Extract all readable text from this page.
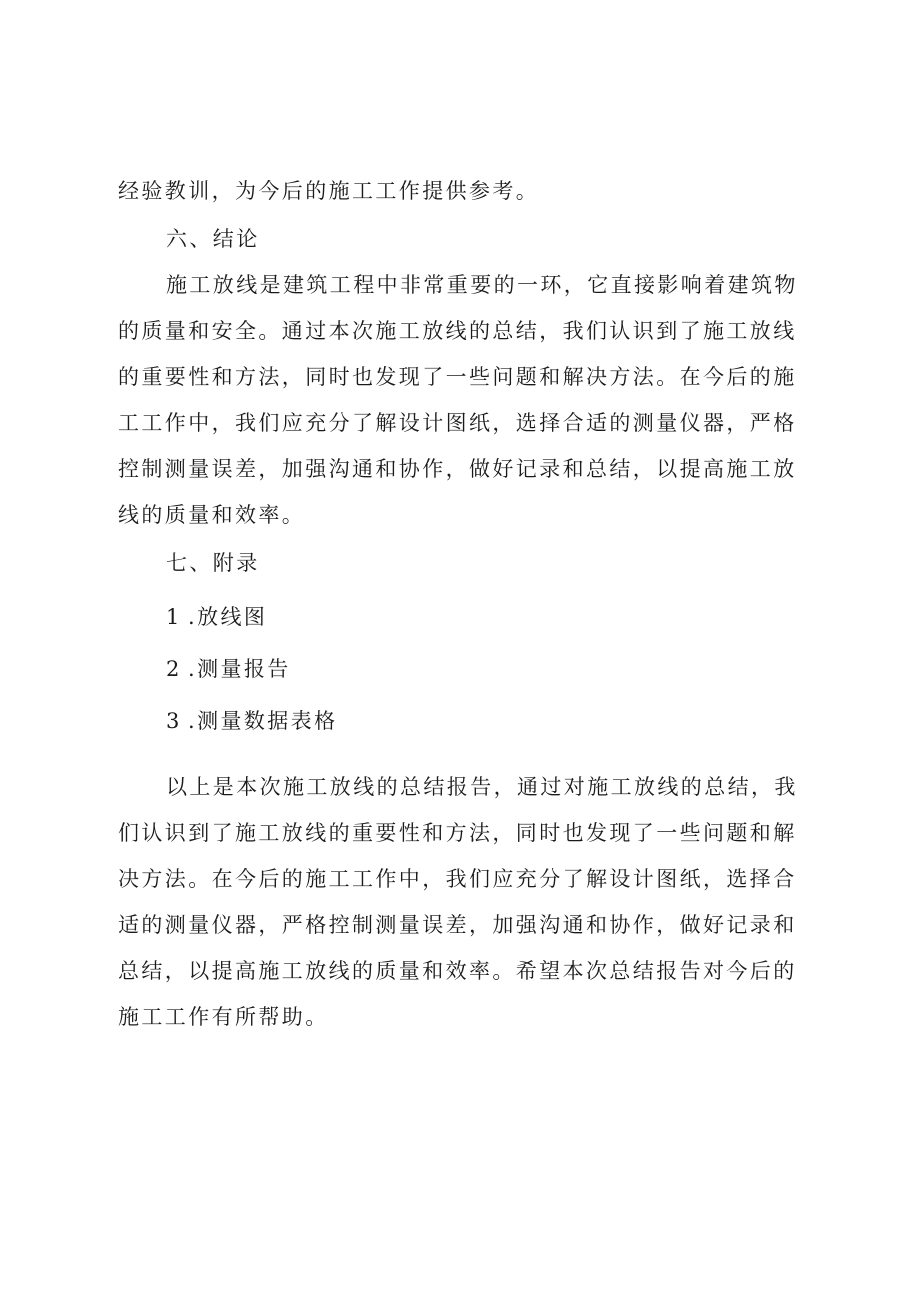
经验教训，为今后的施工工作提供参考。

六、结论

施工放线是建筑工程中非常重要的一环，它直接影响着建筑物的质量和安全。通过本次施工放线的总结，我们认识到了施工放线的重要性和方法，同时也发现了一些问题和解决方法。在今后的施工工作中，我们应充分了解设计图纸，选择合适的测量仪器，严格控制测量误差，加强沟通和协作，做好记录和总结，以提高施工放线的质量和效率。

七、附录

1 .放线图

2 .测量报告

3 .测量数据表格

以上是本次施工放线的总结报告，通过对施工放线的总结，我们认识到了施工放线的重要性和方法，同时也发现了一些问题和解决方法。在今后的施工工作中，我们应充分了解设计图纸，选择合适的测量仪器，严格控制测量误差，加强沟通和协作，做好记录和总结，以提高施工放线的质量和效率。希望本次总结报告对今后的施工工作有所帮助。
